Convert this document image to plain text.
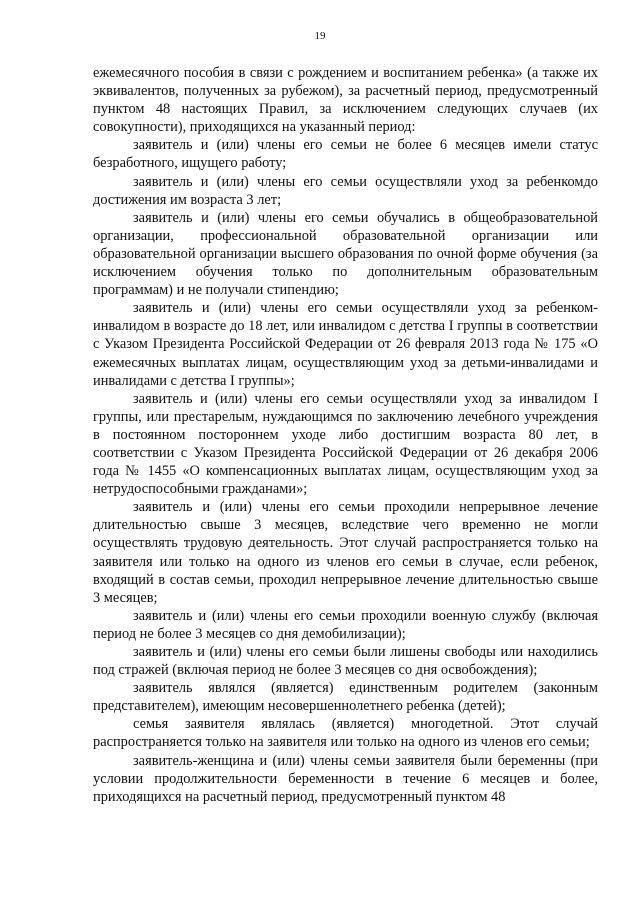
19

ежемесячного пособия в связи с рождением и воспитанием ребенка» (а также их эквивалентов, полученных за рубежом), за расчетный период, предусмотренный пунктом 48 настоящих Правил, за исключением следующих случаев (их совокупности), приходящихся на указанный период:

заявитель и (или) члены его семьи не более 6 месяцев имели статус безработного, ищущего работу;

заявитель и (или) члены его семьи осуществляли уход за ребенкомдо достижения им возраста 3 лет;

заявитель и (или) члены его семьи обучались в общеобразовательной организации, профессиональной образовательной организации или образовательной организации высшего образования по очной форме обучения (за исключением обучения только по дополнительным образовательным программам) и не получали стипендию;

заявитель и (или) члены его семьи осуществляли уход за ребенком-инвалидом в возрасте до 18 лет, или инвалидом с детства I группы в соответствии с Указом Президента Российской Федерации от 26 февраля 2013 года № 175 «О ежемесячных выплатах лицам, осуществляющим уход за детьми-инвалидами и инвалидами с детства I группы»;

заявитель и (или) члены его семьи осуществляли уход за инвалидом I группы, или престарелым, нуждающимся по заключению лечебного учреждения в постоянном постороннем уходе либо достигшим возраста 80 лет, в соответствии с Указом Президента Российской Федерации от 26 декабря 2006 года № 1455 «О компенсационных выплатах лицам, осуществляющим уход за нетрудоспособными гражданами»;

заявитель и (или) члены его семьи проходили непрерывное лечение длительностью свыше 3 месяцев, вследствие чего временно не могли осуществлять трудовую деятельность. Этот случай распространяется только на заявителя или только на одного из членов его семьи в случае, если ребенок, входящий в состав семьи, проходил непрерывное лечение длительностью свыше 3 месяцев;

заявитель и (или) члены его семьи проходили военную службу (включая период не более 3 месяцев со дня демобилизации);

заявитель и (или) члены его семьи были лишены свободы или находились под стражей (включая период не более 3 месяцев со дня освобождения);

заявитель являлся (является) единственным родителем (законным представителем), имеющим несовершеннолетнего ребенка (детей);

семья заявителя являлась (является) многодетной. Этот случай распространяется только на заявителя или только на одного из членов его семьи;

заявитель-женщина и (или) члены семьи заявителя были беременны (при условии продолжительности беременности в течение 6 месяцев и более, приходящихся на расчетный период, предусмотренный пунктом 48
